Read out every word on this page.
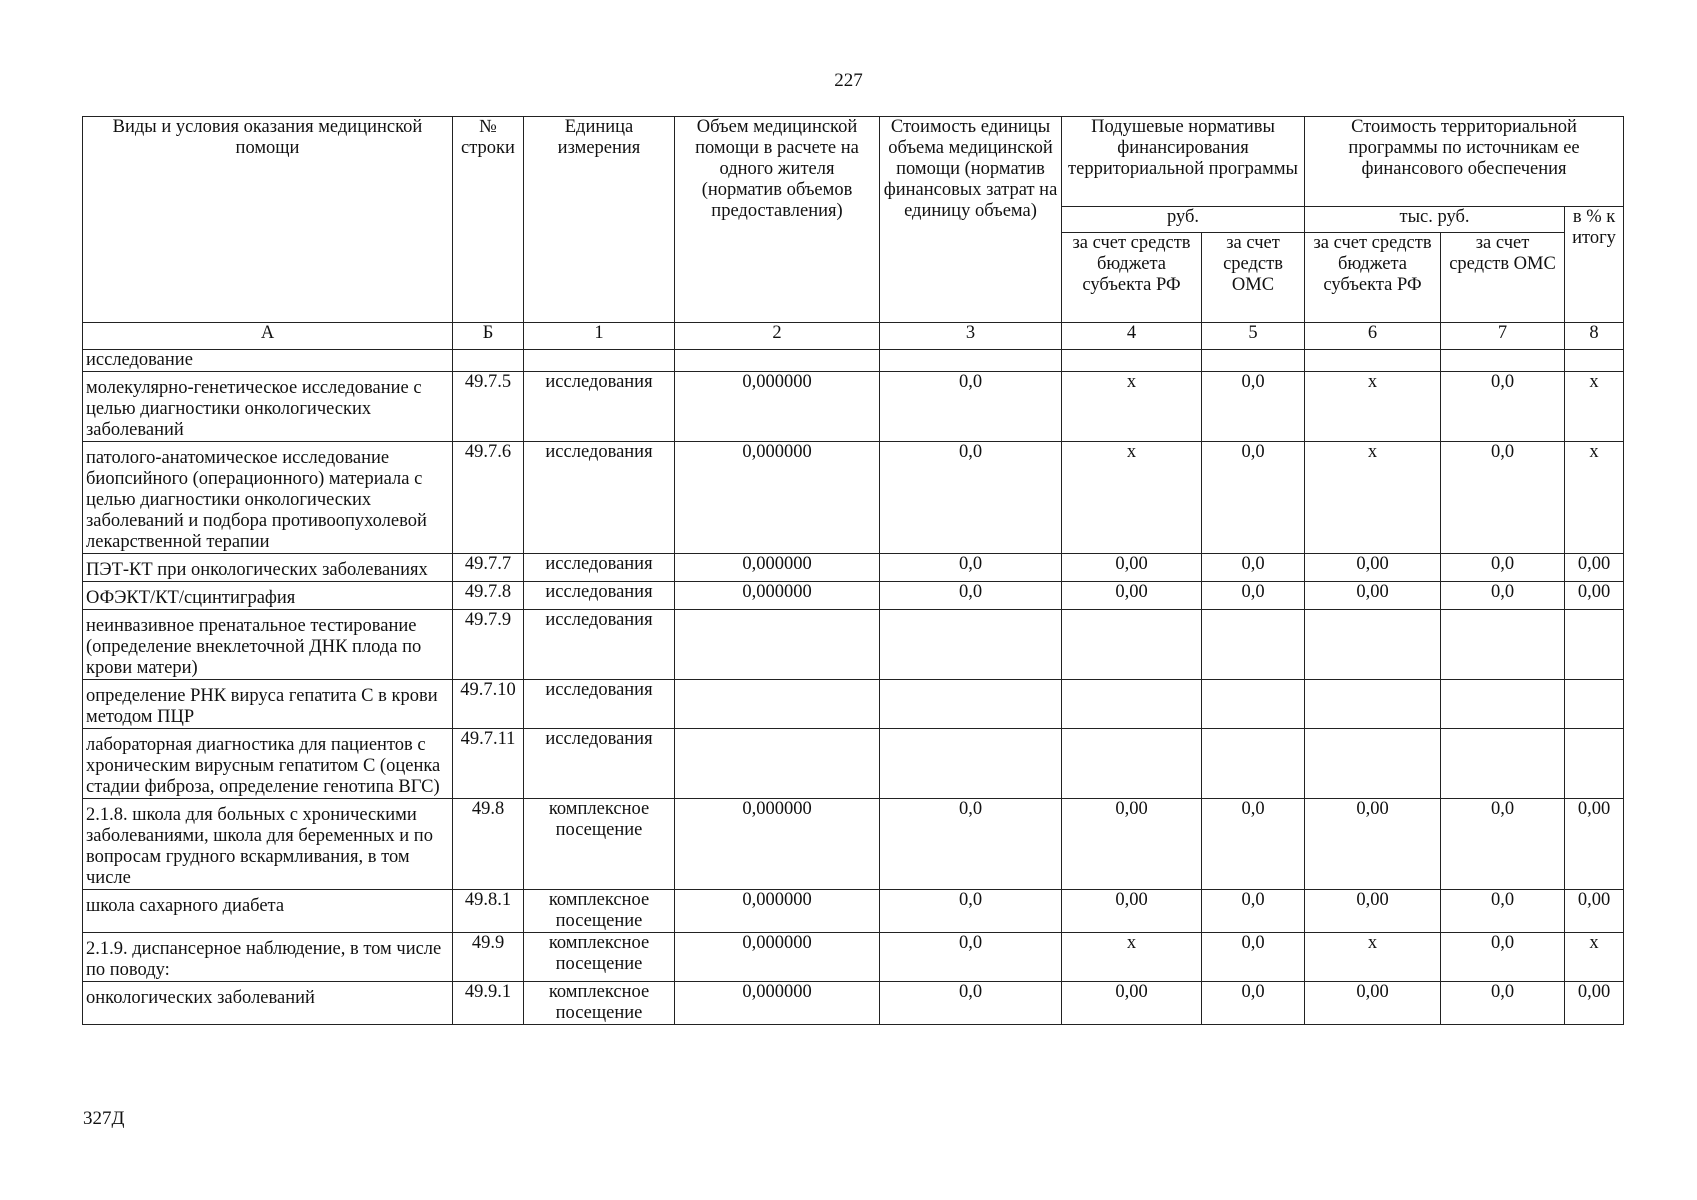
227
Виды и условия оказания медицинской помощи	№ строки	Единица измерения	Объем медицинской помощи в расчете на одного жителя (норматив объемов предоставления)	Стоимость единицы объема медицинской помощи (норматив финансовых затрат на единицу объема)	Подушевые нормативы финансирования территориальной программы		Стоимость территориальной программы по источникам ее финансового обеспечения		
					руб.		тыс. руб.		в % к итогу
					за счет средств бюджета субъекта РФ	за счет средств ОМС	за счет средств бюджета субъекта РФ	за счет средств ОМС	
А	Б	1	2	3	4	5	6	7	8
исследование									
молекулярно-генетическое исследование с целью диагностики онкологических заболеваний	49.7.5	исследования	0,000000	0,0	х	0,0	х	0,0	х
патолого-анатомическое исследование биопсийного (операционного) материала с целью диагностики онкологических заболеваний и подбора противоопухолевой лекарственной терапии	49.7.6	исследования	0,000000	0,0	х	0,0	х	0,0	х
ПЭТ-КТ при онкологических заболеваниях	49.7.7	исследования	0,000000	0,0	0,00	0,0	0,00	0,0	0,00
ОФЭКТ/КТ/сцинтиграфия	49.7.8	исследования	0,000000	0,0	0,00	0,0	0,00	0,0	0,00
неинвазивное пренатальное тестирование (определение внеклеточной ДНК плода по крови матери)	49.7.9	исследования							
определение РНК вируса гепатита С в крови методом ПЦР	49.7.10	исследования							
лабораторная диагностика для пациентов с хроническим вирусным гепатитом С (оценка стадии фиброза, определение генотипа ВГС)	49.7.11	исследования							
2.1.8. школа для больных с хроническими заболеваниями, школа для беременных и по вопросам грудного вскармливания, в том числе	49.8	комплексное посещение	0,000000	0,0	0,00	0,0	0,00	0,0	0,00
школа сахарного диабета	49.8.1	комплексное посещение	0,000000	0,0	0,00	0,0	0,00	0,0	0,00
2.1.9. диспансерное наблюдение, в том числе по поводу:	49.9	комплексное посещение	0,000000	0,0	х	0,0	х	0,0	х
онкологических заболеваний	49.9.1	комплексное посещение	0,000000	0,0	0,00	0,0	0,00	0,0	0,00
327Д
